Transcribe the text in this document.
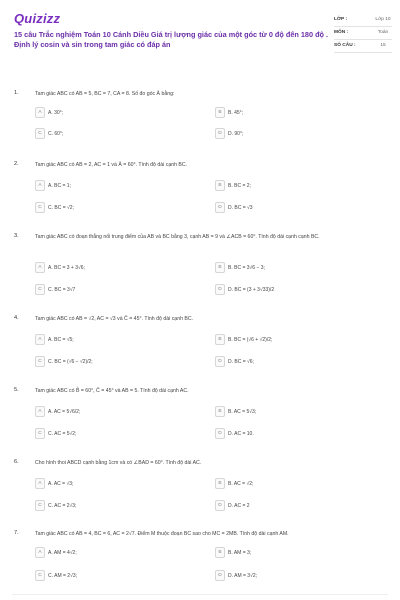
Quizizz
15 câu Trắc nghiệm Toán 10 Cánh Diều Giá trị lượng giác của một góc từ 0 độ đến 180 độ . Định lý cosin và sin trong tam giác có đáp án
LỚP :	Lớp 10
MÔN :	Toán
SỐ CÂU :	15
1.	Tam giác ABC có AB = 5, BC = 7, CA = 8. Số đo góc Â bằng:
A	A. 30°;	B	B. 45°;
C	C. 60°;	D	D. 90°;
2.	Tam giác ABC có AB = 2, AC = 1 và Â = 60°. Tính độ dài cạnh BC.
A	A. BC = 1;	B	B. BC = 2;
C	C. BC = √2;	D	D. BC = √3
3.	Tam giác ABC có đoạn thẳng nối trung điểm của AB và BC bằng 3, cạnh AB = 9 và ∠ACB = 60°. Tính độ dài cạnh cạnh BC.
A	A. BC = 3 + 3√6;	B	B. BC = 3√6 − 3;
C	C. BC = 3√7	D	D. BC = (3 + 3√33)/2
4.	Tam giác ABC có AB = √2, AC = √3 và Ĉ = 45°. Tính độ dài cạnh BC.
A	A. BC = √5;	B	B. BC = (√6 + √2)/2;
C	C. BC = (√6 − √2)/2;	D	D. BC = √6;
5.	Tam giác ABC có B̂ = 60°, Ĉ = 45° và AB = 5. Tính độ dài cạnh AC.
A	A. AC = 5√6/2;	B	B. AC = 5√3;
C	C. AC = 5√2;	D	D. AC = 10.
6.	Cho hình thoi ABCD cạnh bằng 1cm và có ∠BAD = 60°. Tính độ dài AC.
A	A. AC = √3;	B	B. AC = √2;
C	C. AC = 2√3;	D	D. AC = 2
7.	Tam giác ABC có AB = 4, BC = 6, AC = 2√7. Điểm M thuộc đoạn BC sao cho MC = 2MB. Tính độ dài cạnh AM.
A	A. AM = 4√2;	B	B. AM = 3;
C	C. AM = 2√3;	D	D. AM = 3√2;
